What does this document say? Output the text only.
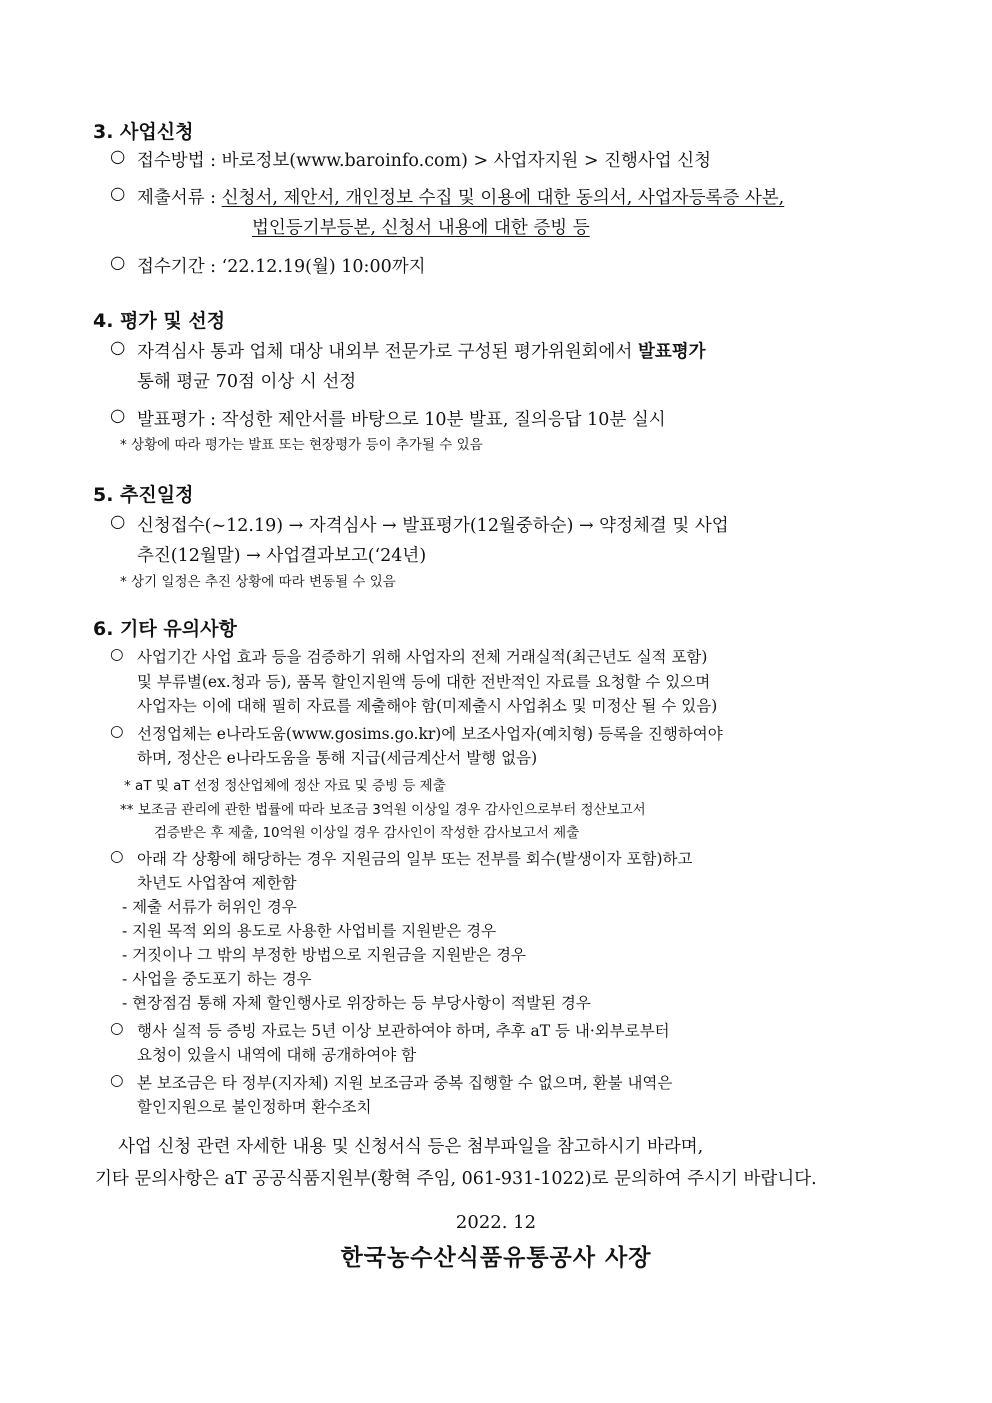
3. 사업신청
○ 접수방법 : 바로정보(www.baroinfo.com) > 사업자지원 > 진행사업 신청
○ 제출서류 : 신청서, 제안서, 개인정보 수집 및 이용에 대한 동의서, 사업자등록증 사본,
법인등기부등본, 신청서 내용에 대한 증빙 등
○ 접수기간 : ‘22.12.19(월) 10:00까지
4. 평가 및 선정
○ 자격심사 통과 업체 대상 내외부 전문가로 구성된 평가위원회에서 발표평가
통해 평균 70점 이상 시 선정
○ 발표평가 : 작성한 제안서를 바탕으로 10분 발표, 질의응답 10분 실시
* 상황에 따라 평가는 발표 또는 현장평가 등이 추가될 수 있음
5. 추진일정
○ 신청접수(~12.19) → 자격심사 → 발표평가(12월중하순) → 약정체결 및 사업
추진(12월말) → 사업결과보고(‘24년)
* 상기 일정은 추진 상황에 따라 변동될 수 있음
6. 기타 유의사항
○ 사업기간 사업 효과 등을 검증하기 위해 사업자의 전체 거래실적(최근년도 실적 포함)
및 부류별(ex.청과 등), 품목 할인지원액 등에 대한 전반적인 자료를 요청할 수 있으며
사업자는 이에 대해 필히 자료를 제출해야 함(미제출시 사업취소 및 미정산 될 수 있음)
○ 선정업체는 e나라도움(www.gosims.go.kr)에 보조사업자(예치형) 등록을 진행하여야
하며, 정산은 e나라도움을 통해 지급(세금계산서 발행 없음)
* aT 및 aT 선정 정산업체에 정산 자료 및 증빙 등 제출
** 보조금 관리에 관한 법률에 따라 보조금 3억원 이상일 경우 감사인으로부터 정산보고서
검증받은 후 제출, 10억원 이상일 경우 감사인이 작성한 감사보고서 제출
○ 아래 각 상황에 해당하는 경우 지원금의 일부 또는 전부를 회수(발생이자 포함)하고
차년도 사업참여 제한함
- 제출 서류가 허위인 경우
- 지원 목적 외의 용도로 사용한 사업비를 지원받은 경우
- 거짓이나 그 밖의 부정한 방법으로 지원금을 지원받은 경우
- 사업을 중도포기 하는 경우
- 현장점검 통해 자체 할인행사로 위장하는 등 부당사항이 적발된 경우
○ 행사 실적 등 증빙 자료는 5년 이상 보관하여야 하며, 추후 aT 등 내·외부로부터
요청이 있을시 내역에 대해 공개하여야 함
○ 본 보조금은 타 정부(지자체) 지원 보조금과 중복 집행할 수 없으며, 환불 내역은
할인지원으로 불인정하며 환수조치
사업 신청 관련 자세한 내용 및 신청서식 등은 첨부파일을 참고하시기 바라며,
기타 문의사항은 aT 공공식품지원부(황혁 주임, 061-931-1022)로 문의하여 주시기 바랍니다.
2022. 12
한국농수산식품유통공사 사장
